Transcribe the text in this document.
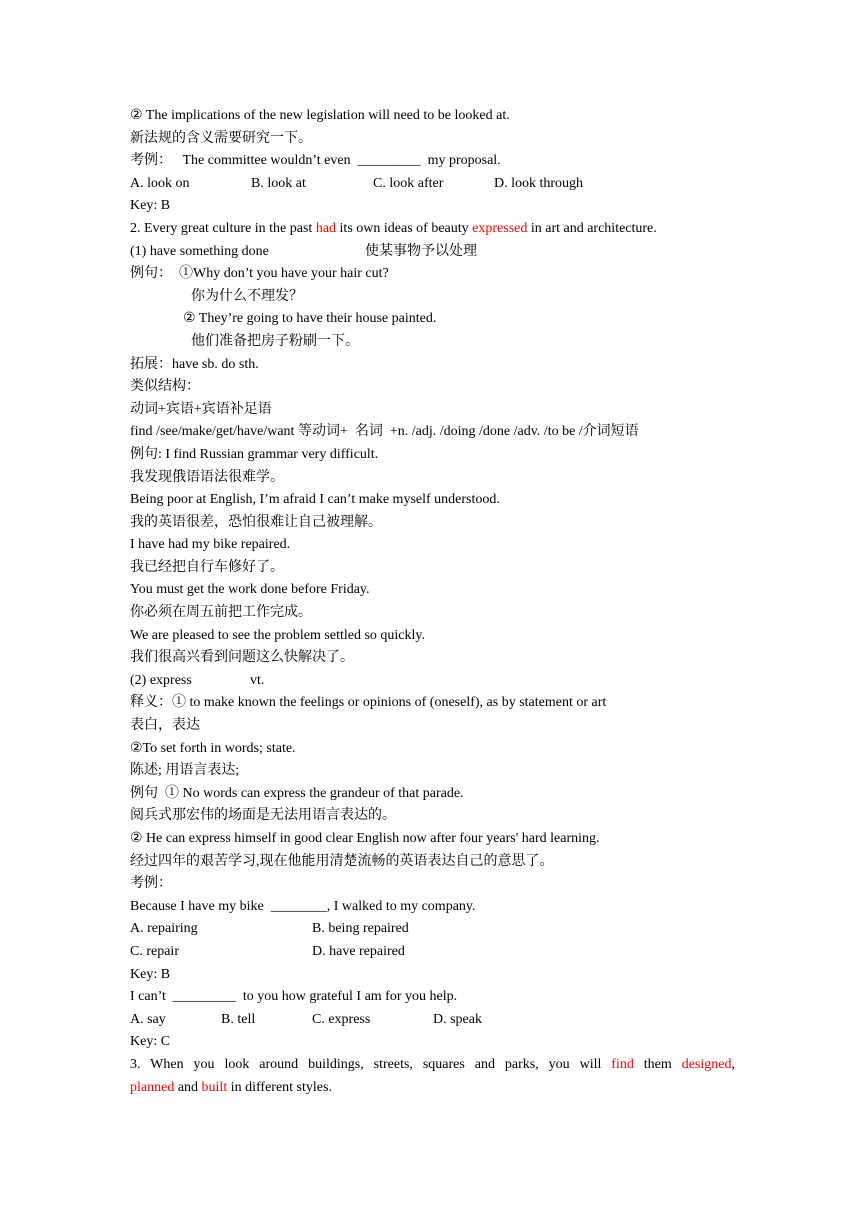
② The implications of the new legislation will need to be looked at.
新法规的含义需要研究一下。
考例：   The committee wouldn’t even  _________  my proposal.
A. look on	B. look at	C. look after	D. look through
Key: B
2. Every great culture in the past had its own ideas of beauty expressed in art and architecture.
(1) have something done	使某事物予以处理
例句：  ①Why don’t you have your hair cut?
你为什么不理发？
② They’re going to have their house painted.
他们准备把房子粉刷一下。
拓展：have sb. do sth.
类似结构：
动词+宾语+宾语补足语
find /see/make/get/have/want 等动词+  名词  +n. /adj. /doing /done /adv. /to be /介词短语
例句: I find Russian grammar very difficult.
我发现俄语语法很难学。
Being poor at English, I’m afraid I can’t make myself understood.
我的英语很差，恐怕很难让自己被理解。
I have had my bike repaired.
我已经把自行车修好了。
You must get the work done before Friday.
你必须在周五前把工作完成。
We are pleased to see the problem settled so quickly.
我们很高兴看到问题这么快解决了。
(2) express	vt.
释义：① to make known the feelings or opinions of (oneself), as by statement or art
表白，表达
②To set forth in words; state.
陈述; 用语言表达;
例句  ① No words can express the grandeur of that parade.
阅兵式那宏伟的场面是无法用语言表达的。
② He can express himself in good clear English now after four years' hard learning.
经过四年的艰苦学习,现在他能用清楚流畅的英语表达自己的意思了。
考例：
Because I have my bike  ________, I walked to my company.
A. repairing	B. being repaired
C. repair	D. have repaired
Key: B
I can’t  _________  to you how grateful I am for you help.
A. say	B. tell	C. express	D. speak
Key: C
3. When you look around buildings, streets, squares and parks, you will find them designed,
planned and built in different styles.
